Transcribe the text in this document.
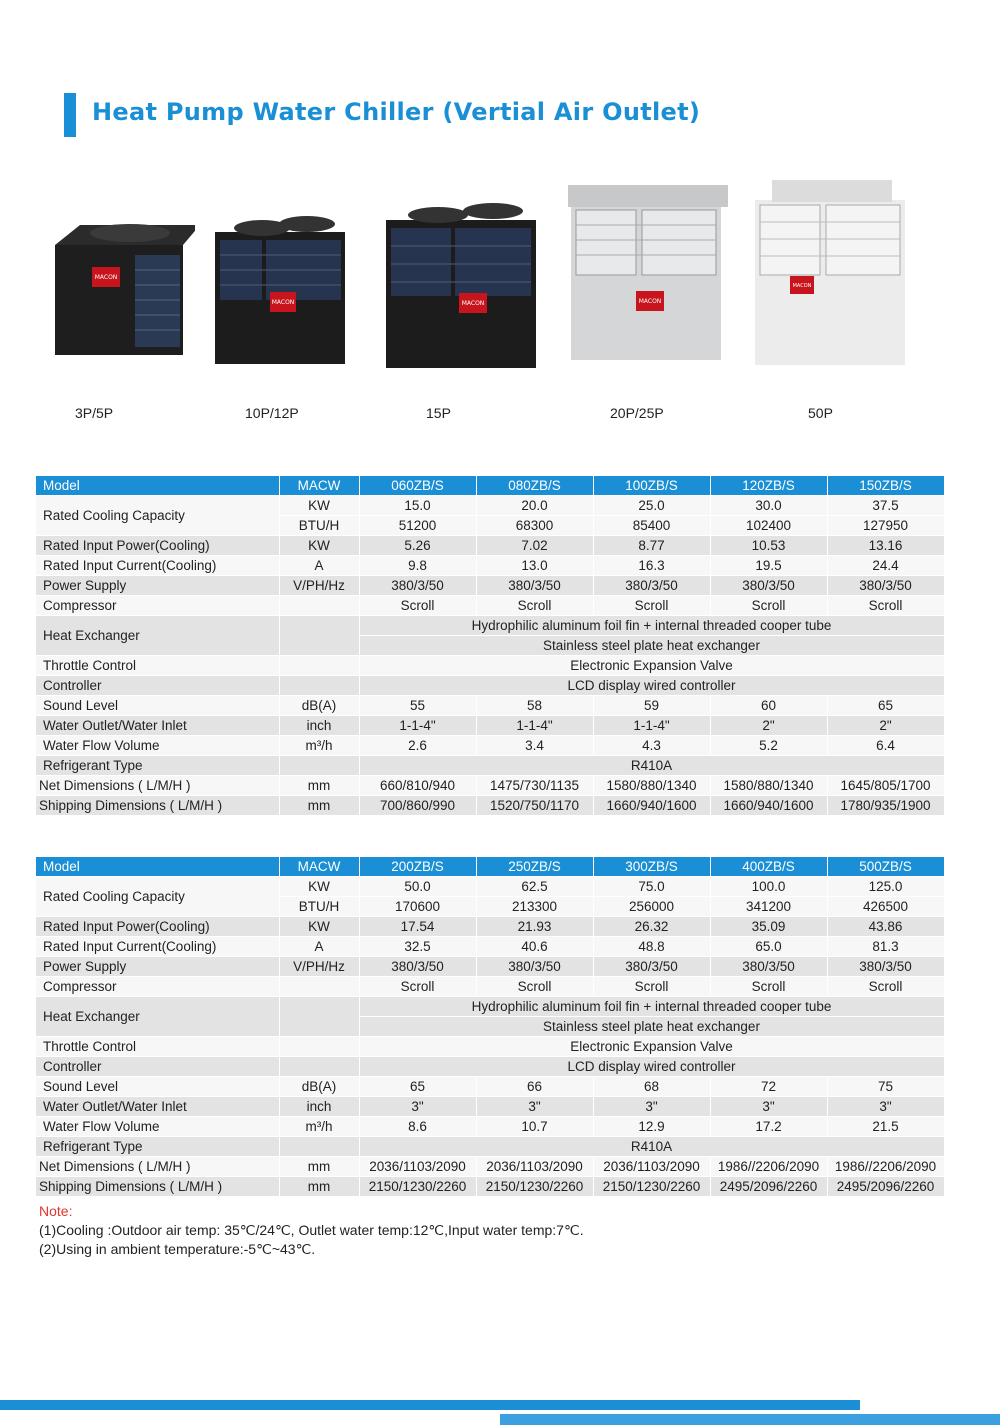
Heat Pump Water Chiller (Vertial Air Outlet)
MACON
MACON	MACON	MACON
MACON
3P/5P	10P/12P	15P	20P/25P	50P
Model	MACW	060ZB/S	080ZB/S	100ZB/S	120ZB/S	150ZB/S
Rated Cooling Capacity	KW	15.0	20.0	25.0	30.0	37.5
	BTU/H	51200	68300	85400	102400	127950
Rated Input Power(Cooling)	KW	5.26	7.02	8.77	10.53	13.16
Rated Input Current(Cooling)	A	9.8	13.0	16.3	19.5	24.4
Power Supply	V/PH/Hz	380/3/50	380/3/50	380/3/50	380/3/50	380/3/50
Compressor		Scroll	Scroll	Scroll	Scroll	Scroll
Heat Exchanger		Hydrophilic aluminum foil fin + internal threaded cooper tube				
		Stainless steel plate heat exchanger				
Throttle Control		Electronic Expansion Valve				
Controller		LCD display wired controller				
Sound Level	dB(A)	55	58	59	60	65
Water Outlet/Water Inlet	inch	1-1-4"	1-1-4"	1-1-4"	2"	2"
Water Flow Volume	m³/h	2.6	3.4	4.3	5.2	6.4
Refrigerant Type		R410A				
Net Dimensions ( L/M/H )	mm	660/810/940	1475/730/1135	1580/880/1340	1580/880/1340	1645/805/1700
Shipping Dimensions ( L/M/H )	mm	700/860/990	1520/750/1170	1660/940/1600	1660/940/1600	1780/935/1900
Model	MACW	200ZB/S	250ZB/S	300ZB/S	400ZB/S	500ZB/S
Rated Cooling Capacity	KW	50.0	62.5	75.0	100.0	125.0
	BTU/H	170600	213300	256000	341200	426500
Rated Input Power(Cooling)	KW	17.54	21.93	26.32	35.09	43.86
Rated Input Current(Cooling)	A	32.5	40.6	48.8	65.0	81.3
Power Supply	V/PH/Hz	380/3/50	380/3/50	380/3/50	380/3/50	380/3/50
Compressor		Scroll	Scroll	Scroll	Scroll	Scroll
Heat Exchanger		Hydrophilic aluminum foil fin + internal threaded cooper tube				
		Stainless steel plate heat exchanger				
Throttle Control		Electronic Expansion Valve				
Controller		LCD display wired controller				
Sound Level	dB(A)	65	66	68	72	75
Water Outlet/Water Inlet	inch	3"	3"	3"	3"	3"
Water Flow Volume	m³/h	8.6	10.7	12.9	17.2	21.5
Refrigerant Type		R410A				
Net Dimensions ( L/M/H )	mm	2036/1103/2090	2036/1103/2090	2036/1103/2090	1986//2206/2090	1986//2206/2090
Shipping Dimensions ( L/M/H )	mm	2150/1230/2260	2150/1230/2260	2150/1230/2260	2495/2096/2260	2495/2096/2260
Note:
(1)Cooling :Outdoor air temp: 35℃/24℃, Outlet water temp:12℃,Input water temp:7℃.
(2)Using in ambient temperature:-5℃~43℃.
